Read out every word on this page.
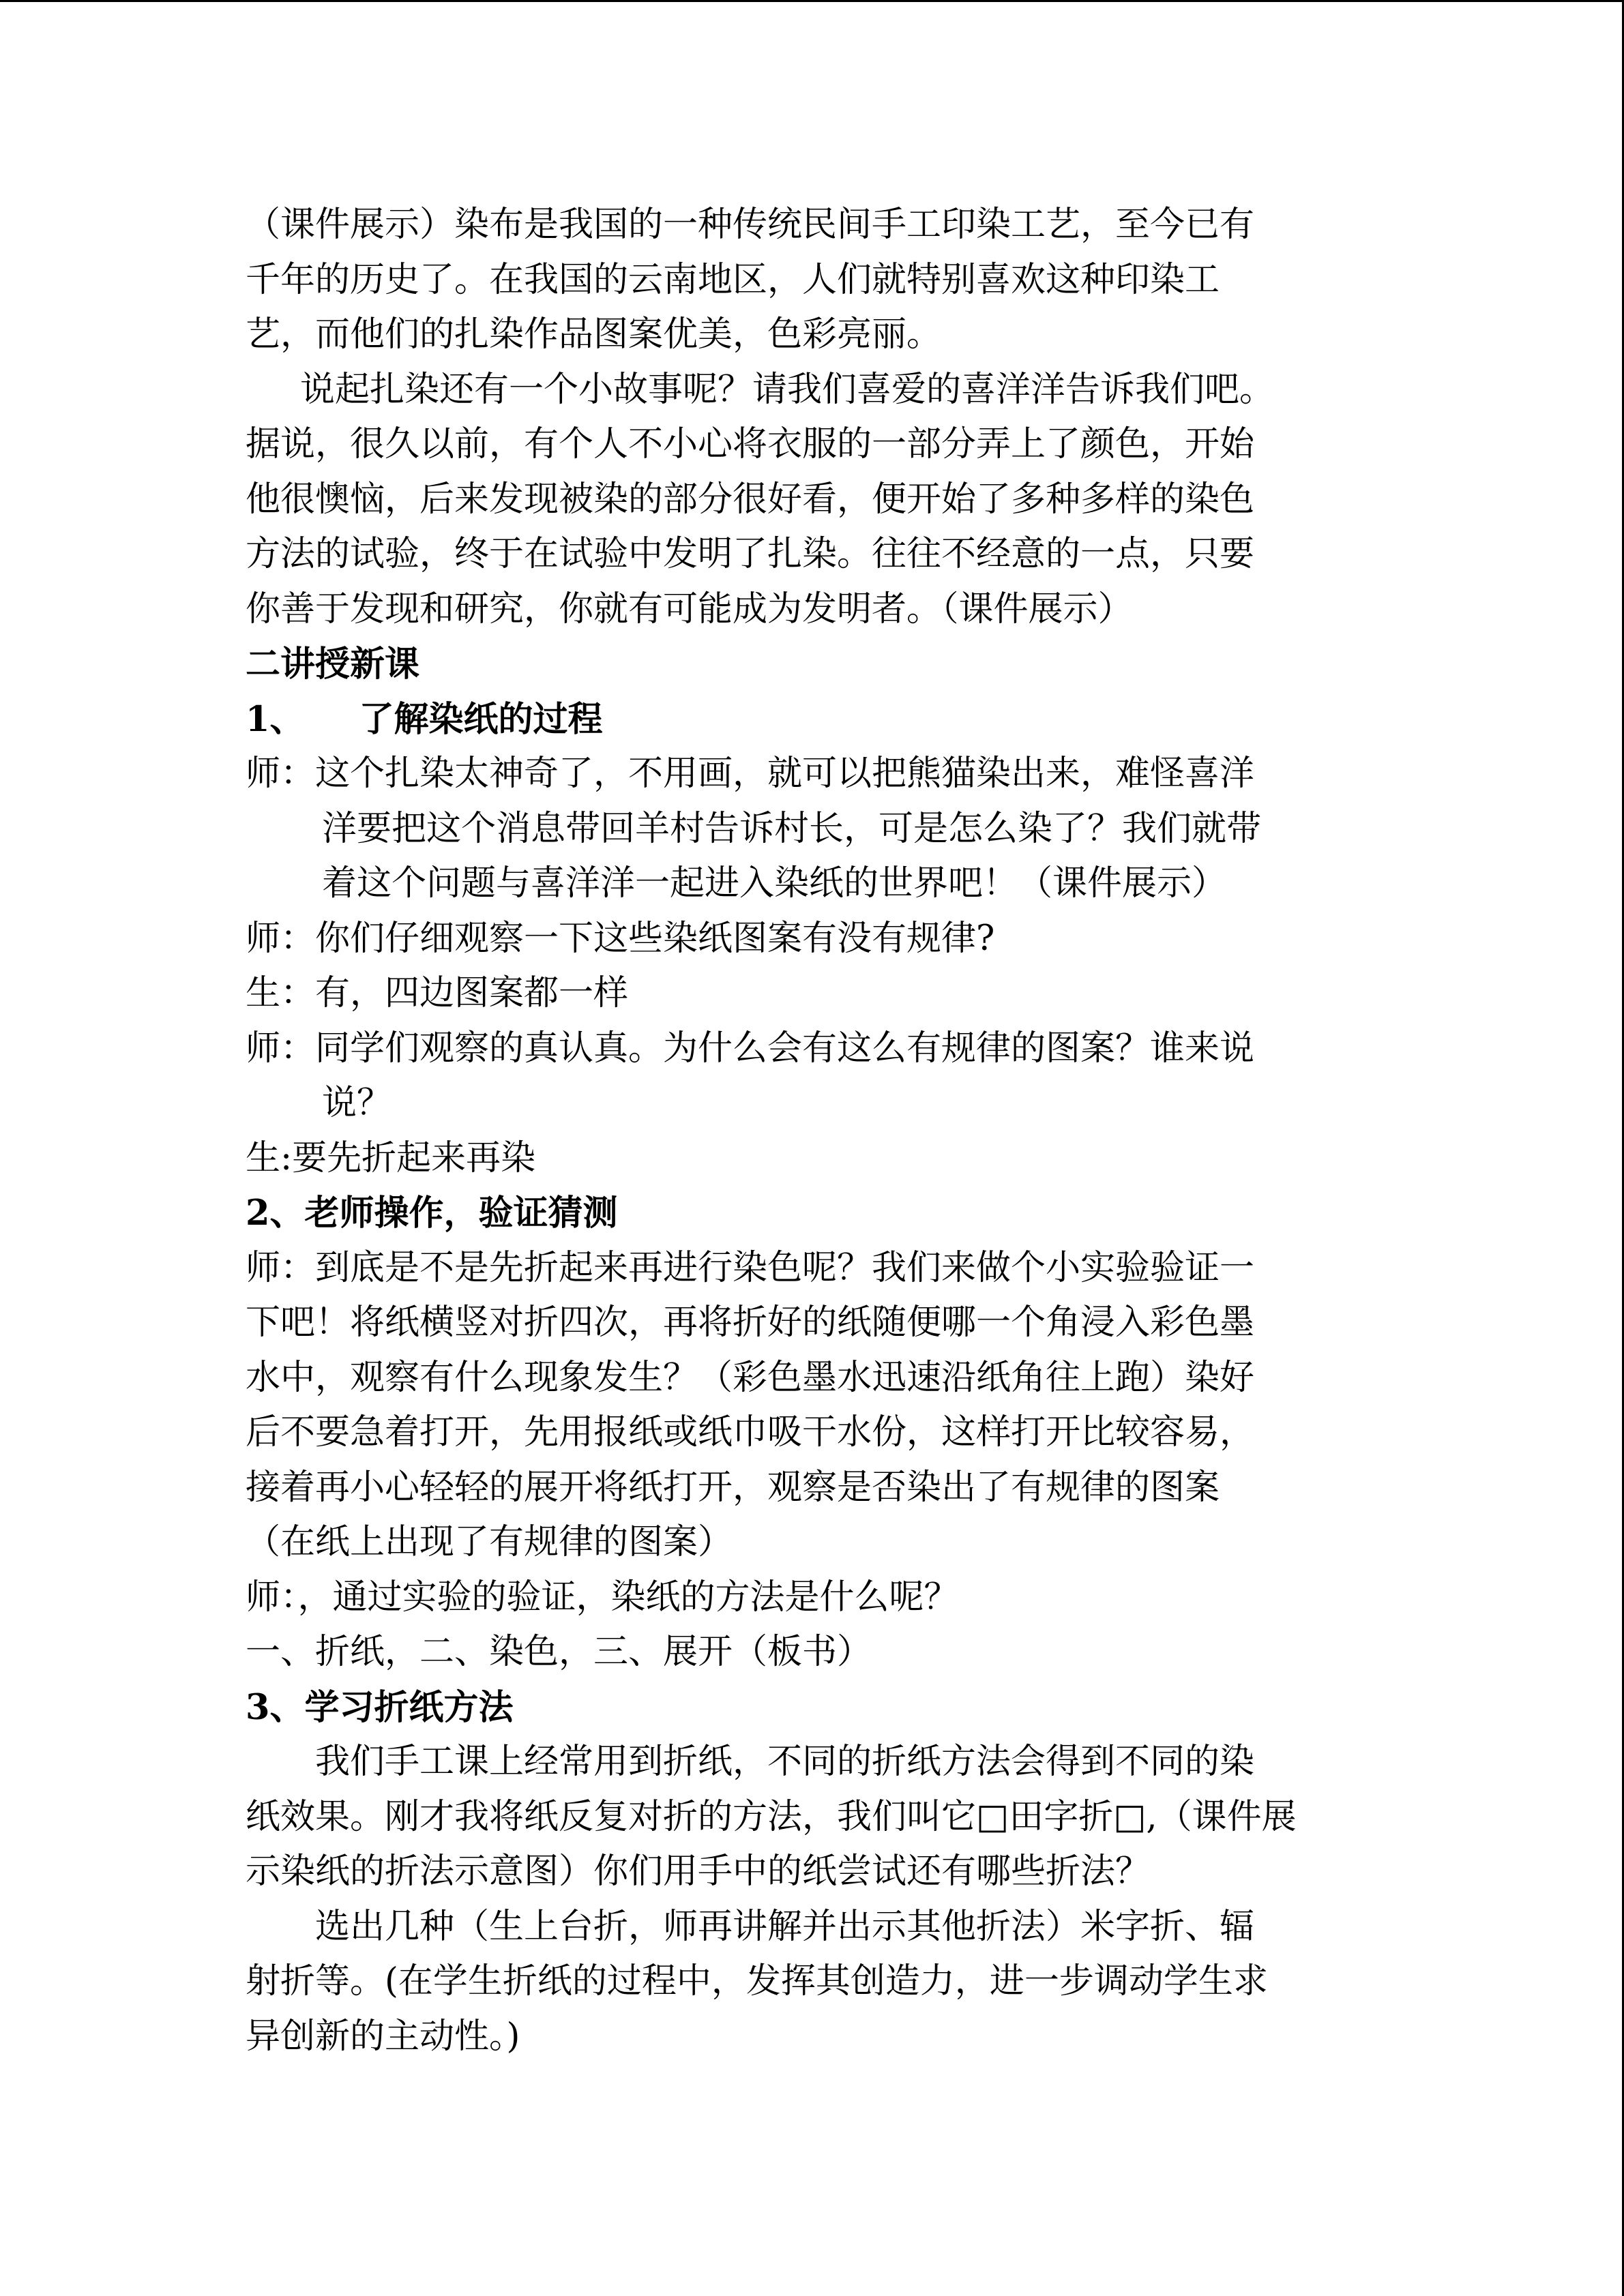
（课件展示）染布是我国的一种传统民间手工印染工艺，至今已有
千年的历史了。在我国的云南地区，人们就特别喜欢这种印染工
艺，而他们的扎染作品图案优美，色彩亮丽。
说起扎染还有一个小故事呢？请我们喜爱的喜洋洋告诉我们吧。
据说，很久以前，有个人不小心将衣服的一部分弄上了颜色，开始
他很懊恼，后来发现被染的部分很好看，便开始了多种多样的染色
方法的试验，终于在试验中发明了扎染。往往不经意的一点，只要
你善于发现和研究，你就有可能成为发明者。（课件展示）
二讲授新课
1、 了解染纸的过程
师：这个扎染太神奇了，不用画，就可以把熊猫染出来，难怪喜洋
洋要把这个消息带回羊村告诉村长，可是怎么染了？我们就带
着这个问题与喜洋洋一起进入染纸的世界吧！（课件展示）
师：你们仔细观察一下这些染纸图案有没有规律?
生：有，四边图案都一样
师：同学们观察的真认真。为什么会有这么有规律的图案？谁来说
说？
生:要先折起来再染
2、老师操作，验证猜测
师：到底是不是先折起来再进行染色呢？我们来做个小实验验证一
下吧！将纸横竖对折四次，再将折好的纸随便哪一个角浸入彩色墨
水中，观察有什么现象发生？（彩色墨水迅速沿纸角往上跑）染好
后不要急着打开，先用报纸或纸巾吸干水份，这样打开比较容易，
接着再小心轻轻的展开将纸打开，观察是否染出了有规律的图案
（在纸上出现了有规律的图案）
师：，通过实验的验证，染纸的方法是什么呢？
一、折纸，二、染色，三、展开（板书）
3、学习折纸方法
我们手工课上经常用到折纸，不同的折纸方法会得到不同的染
纸效果。刚才我将纸反复对折的方法，我们叫它□田字折□,（课件展
示染纸的折法示意图）你们用手中的纸尝试还有哪些折法？
选出几种（生上台折，师再讲解并出示其他折法）米字折、辐
射折等。(在学生折纸的过程中，发挥其创造力，进一步调动学生求
异创新的主动性。)
